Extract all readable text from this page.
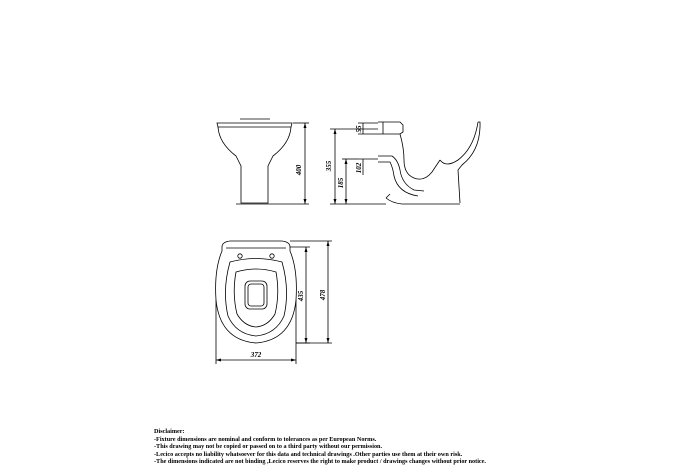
400	355
55
102
185
435 478
372
Disclaimer:
-Fixture dimensions are nominal and conform to tolerances as per European Norms.
-This drawing may not be copied or passed on to a third party without our permission.
-Lecico accepts no liability whatsoever for this data and technical drawings .Other parties use them at their own risk.
-The dimensions indicated are not binding ,Lecico reserves the right to make product / drawings changes without prior notice.
